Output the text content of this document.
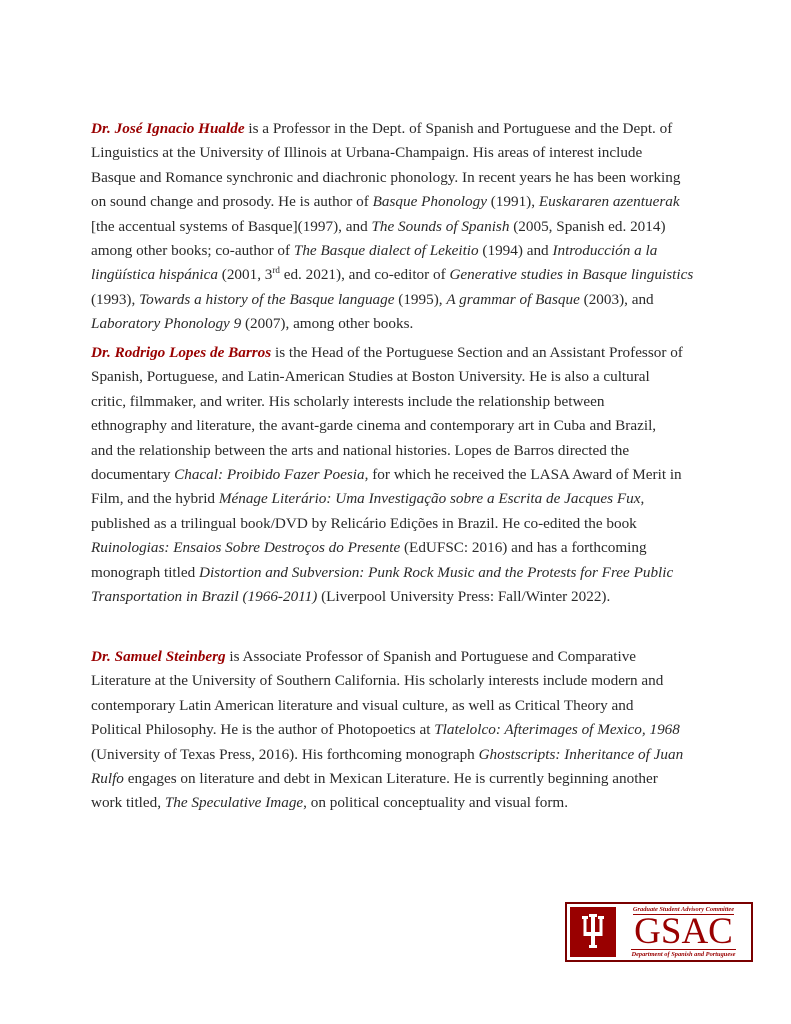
Dr. José Ignacio Hualde is a Professor in the Dept. of Spanish and Portuguese and the Dept. of
Linguistics at the University of Illinois at Urbana-Champaign. His areas of interest include
Basque and Romance synchronic and diachronic phonology. In recent years he has been working
on sound change and prosody. He is author of Basque Phonology (1991), Euskararen azentuerak
[the accentual systems of Basque](1997), and The Sounds of Spanish (2005, Spanish ed. 2014)
among other books; co-author of The Basque dialect of Lekeitio (1994) and Introducción a la
lingüística hispánica (2001, 3rd ed. 2021), and co-editor of Generative studies in Basque linguistics
(1993), Towards a history of the Basque language (1995), A grammar of Basque (2003), and
Laboratory Phonology 9 (2007), among other books.

Dr. Rodrigo Lopes de Barros is the Head of the Portuguese Section and an Assistant Professor of
Spanish, Portuguese, and Latin-American Studies at Boston University. He is also a cultural
critic, filmmaker, and writer. His scholarly interests include the relationship between
ethnography and literature, the avant-garde cinema and contemporary art in Cuba and Brazil,
and the relationship between the arts and national histories. Lopes de Barros directed the
documentary Chacal: Proibido Fazer Poesia, for which he received the LASA Award of Merit in
Film, and the hybrid Ménage Literário: Uma Investigação sobre a Escrita de Jacques Fux,
published as a trilingual book/DVD by Relicário Edições in Brazil. He co-edited the book
Ruinologias: Ensaios Sobre Destroços do Presente (EdUFSC: 2016) and has a forthcoming
monograph titled Distortion and Subversion: Punk Rock Music and the Protests for Free Public
Transportation in Brazil (1966-2011) (Liverpool University Press: Fall/Winter 2022).

Dr. Samuel Steinberg is Associate Professor of Spanish and Portuguese and Comparative
Literature at the University of Southern California. His scholarly interests include modern and
contemporary Latin American literature and visual culture, as well as Critical Theory and
Political Philosophy. He is the author of Photopoetics at Tlatelolco: Afterimages of Mexico, 1968
(University of Texas Press, 2016). His forthcoming monograph Ghostscripts: Inheritance of Juan
Rulfo engages on literature and debt in Mexican Literature. He is currently beginning another
work titled, The Speculative Image, on political conceptuality and visual form.

Graduate Student Advisory Committee
GSAC
Department of Spanish and Portuguese
